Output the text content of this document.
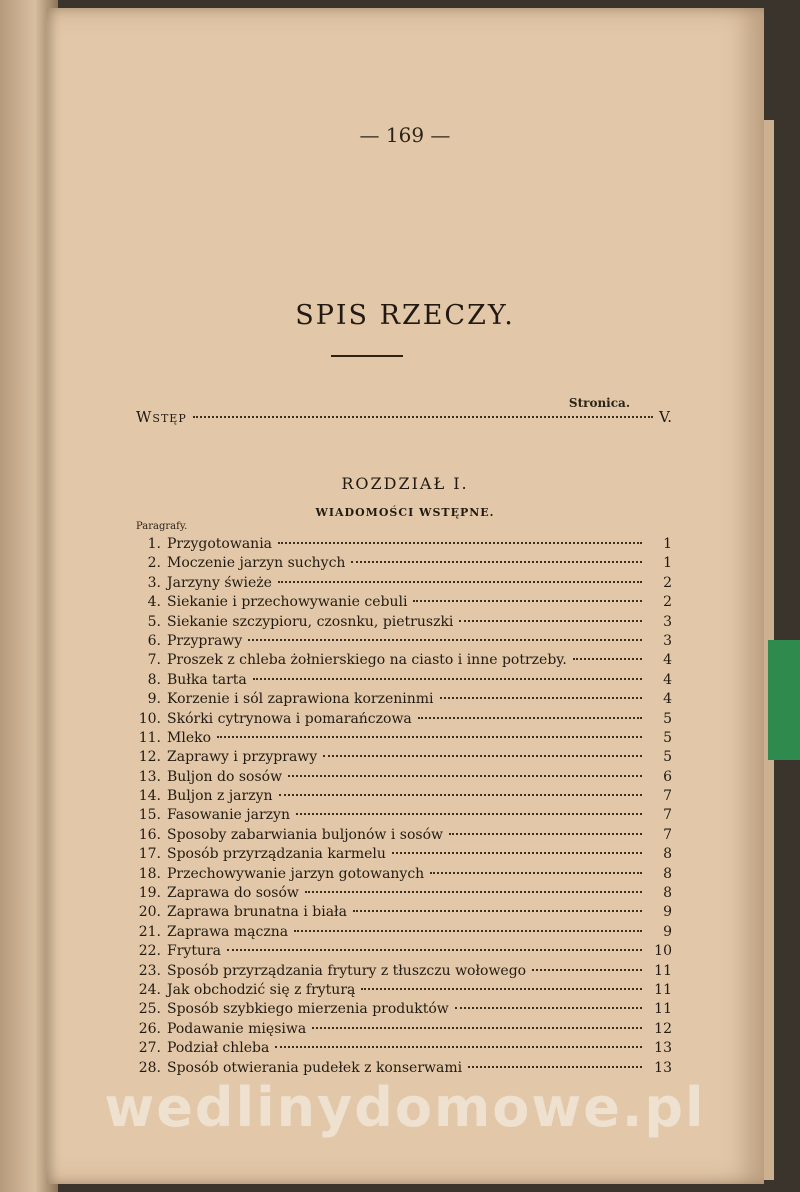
— 169 —
SPIS RZECZY.
Stronica.
Wstęp	V.
ROZDZIAŁ I.
WIADOMOŚCI WSTĘPNE.
Paragrafy.
1. Przygotowania	1
2. Moczenie jarzyn suchych	1
3. Jarzyny świeże	2
4. Siekanie i przechowywanie cebuli	2
5. Siekanie szczypioru, czosnku, pietruszki	3
6. Przyprawy	3
7. Proszek z chleba żołnierskiego na ciasto i inne potrzeby.	4
8. Bułka tarta	4
9. Korzenie i sól zaprawiona korzeninmi	4
10. Skórki cytrynowa i pomarańczowa	5
11. Mleko	5
12. Zaprawy i przyprawy	5
13. Buljon do sosów	6
14. Buljon z jarzyn	7
15. Fasowanie jarzyn	7
16. Sposoby zabarwiania buljonów i sosów	7
17. Sposób przyrządzania karmelu	8
18. Przechowywanie jarzyn gotowanych	8
19. Zaprawa do sosów	8
20. Zaprawa brunatna i biała	9
21. Zaprawa mączna	9
22. Frytura	10
23. Sposób przyrządzania frytury z tłuszczu wołowego	11
24. Jak obchodzić się z fryturą	11
25. Sposób szybkiego mierzenia produktów	11
26. Podawanie mięsiwa	12
27. Podział chleba	13
28. Sposób otwierania pudełek z konserwami	13
wedlinydomowe.pl
